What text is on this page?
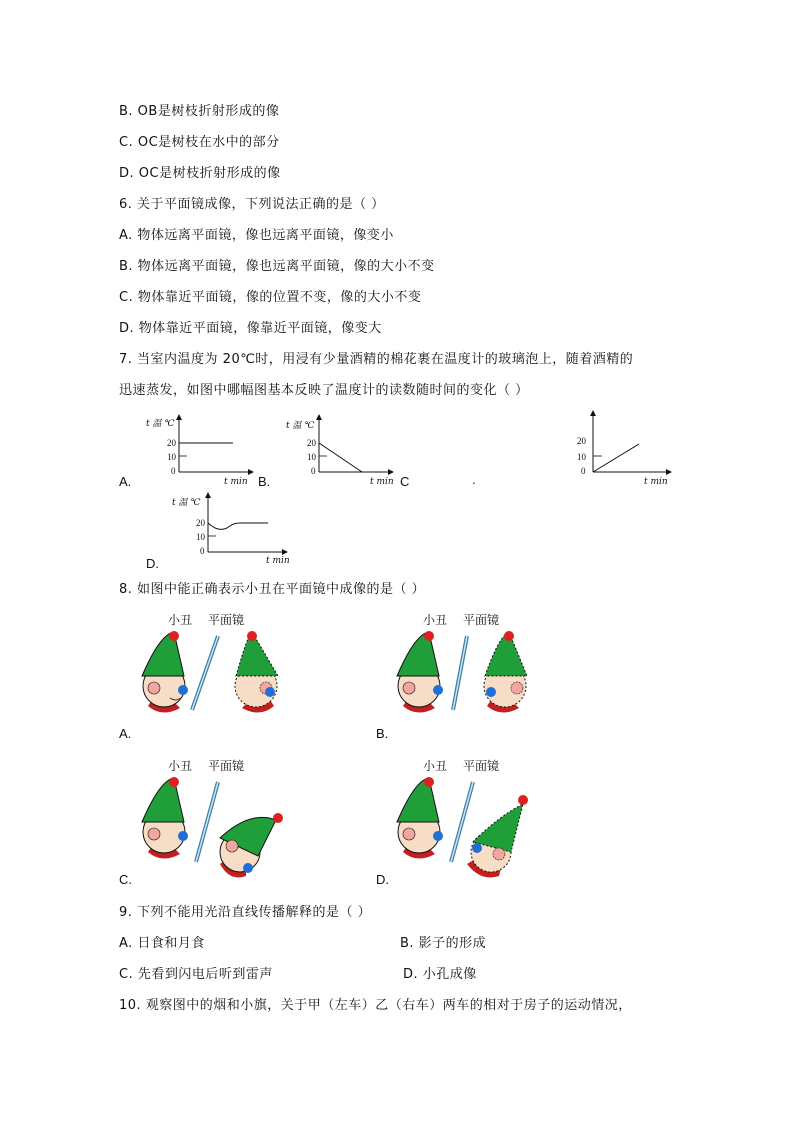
B. OB是树枝折射形成的像
C. OC是树枝在水中的部分
D. OC是树枝折射形成的像
6. 关于平面镜成像，下列说法正确的是（ ）
A. 物体远离平面镜，像也远离平面镜，像变小
B. 物体远离平面镜，像也远离平面镜，像的大小不变
C. 物体靠近平面镜，像的位置不变，像的大小不变
D. 物体靠近平面镜，像靠近平面镜，像变大
7. 当室内温度为 20℃时，用浸有少量酒精的棉花裹在温度计的玻璃泡上，随着酒精的
迅速蒸发，如图中哪幅图基本反映了温度计的读数随时间的变化（ ）
A.	B.	C	.
D.
t 温 ℃
20
10
0
t min
t 温 ℃
20
10
0
t min
20
10
0
t min
t 温 ℃
20
10
0
t min
8. 如图中能正确表示小丑在平面镜中成像的是（ ）
小丑 平面镜
A.
小丑 平面镜
B.
小丑 平面镜
C.
小丑 平面镜
D.
9. 下列不能用光沿直线传播解释的是（ ）
A. 日食和月食	B. 影子的形成
C. 先看到闪电后听到雷声	D. 小孔成像
10. 观察图中的烟和小旗，关于甲（左车）乙（右车）两车的相对于房子的运动情况，
